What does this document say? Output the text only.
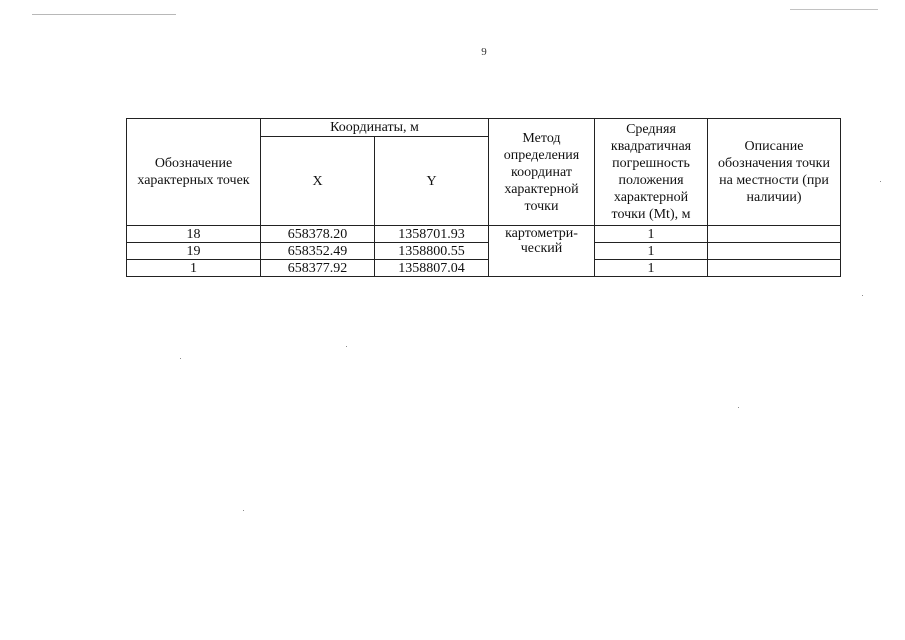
9
Обозначение характерных точек	Координаты, м		Метод определения координат характерной точки	Средняя квадратичная погрешность положения характерной точки (Mt), м	Описание обозначения точки на местности (при наличии)

	X	Y			
18	658378.20	1358701.93	картометри-ческий	1	
19	658352.49	1358800.55		1	
1	658377.92	1358807.04		1	
